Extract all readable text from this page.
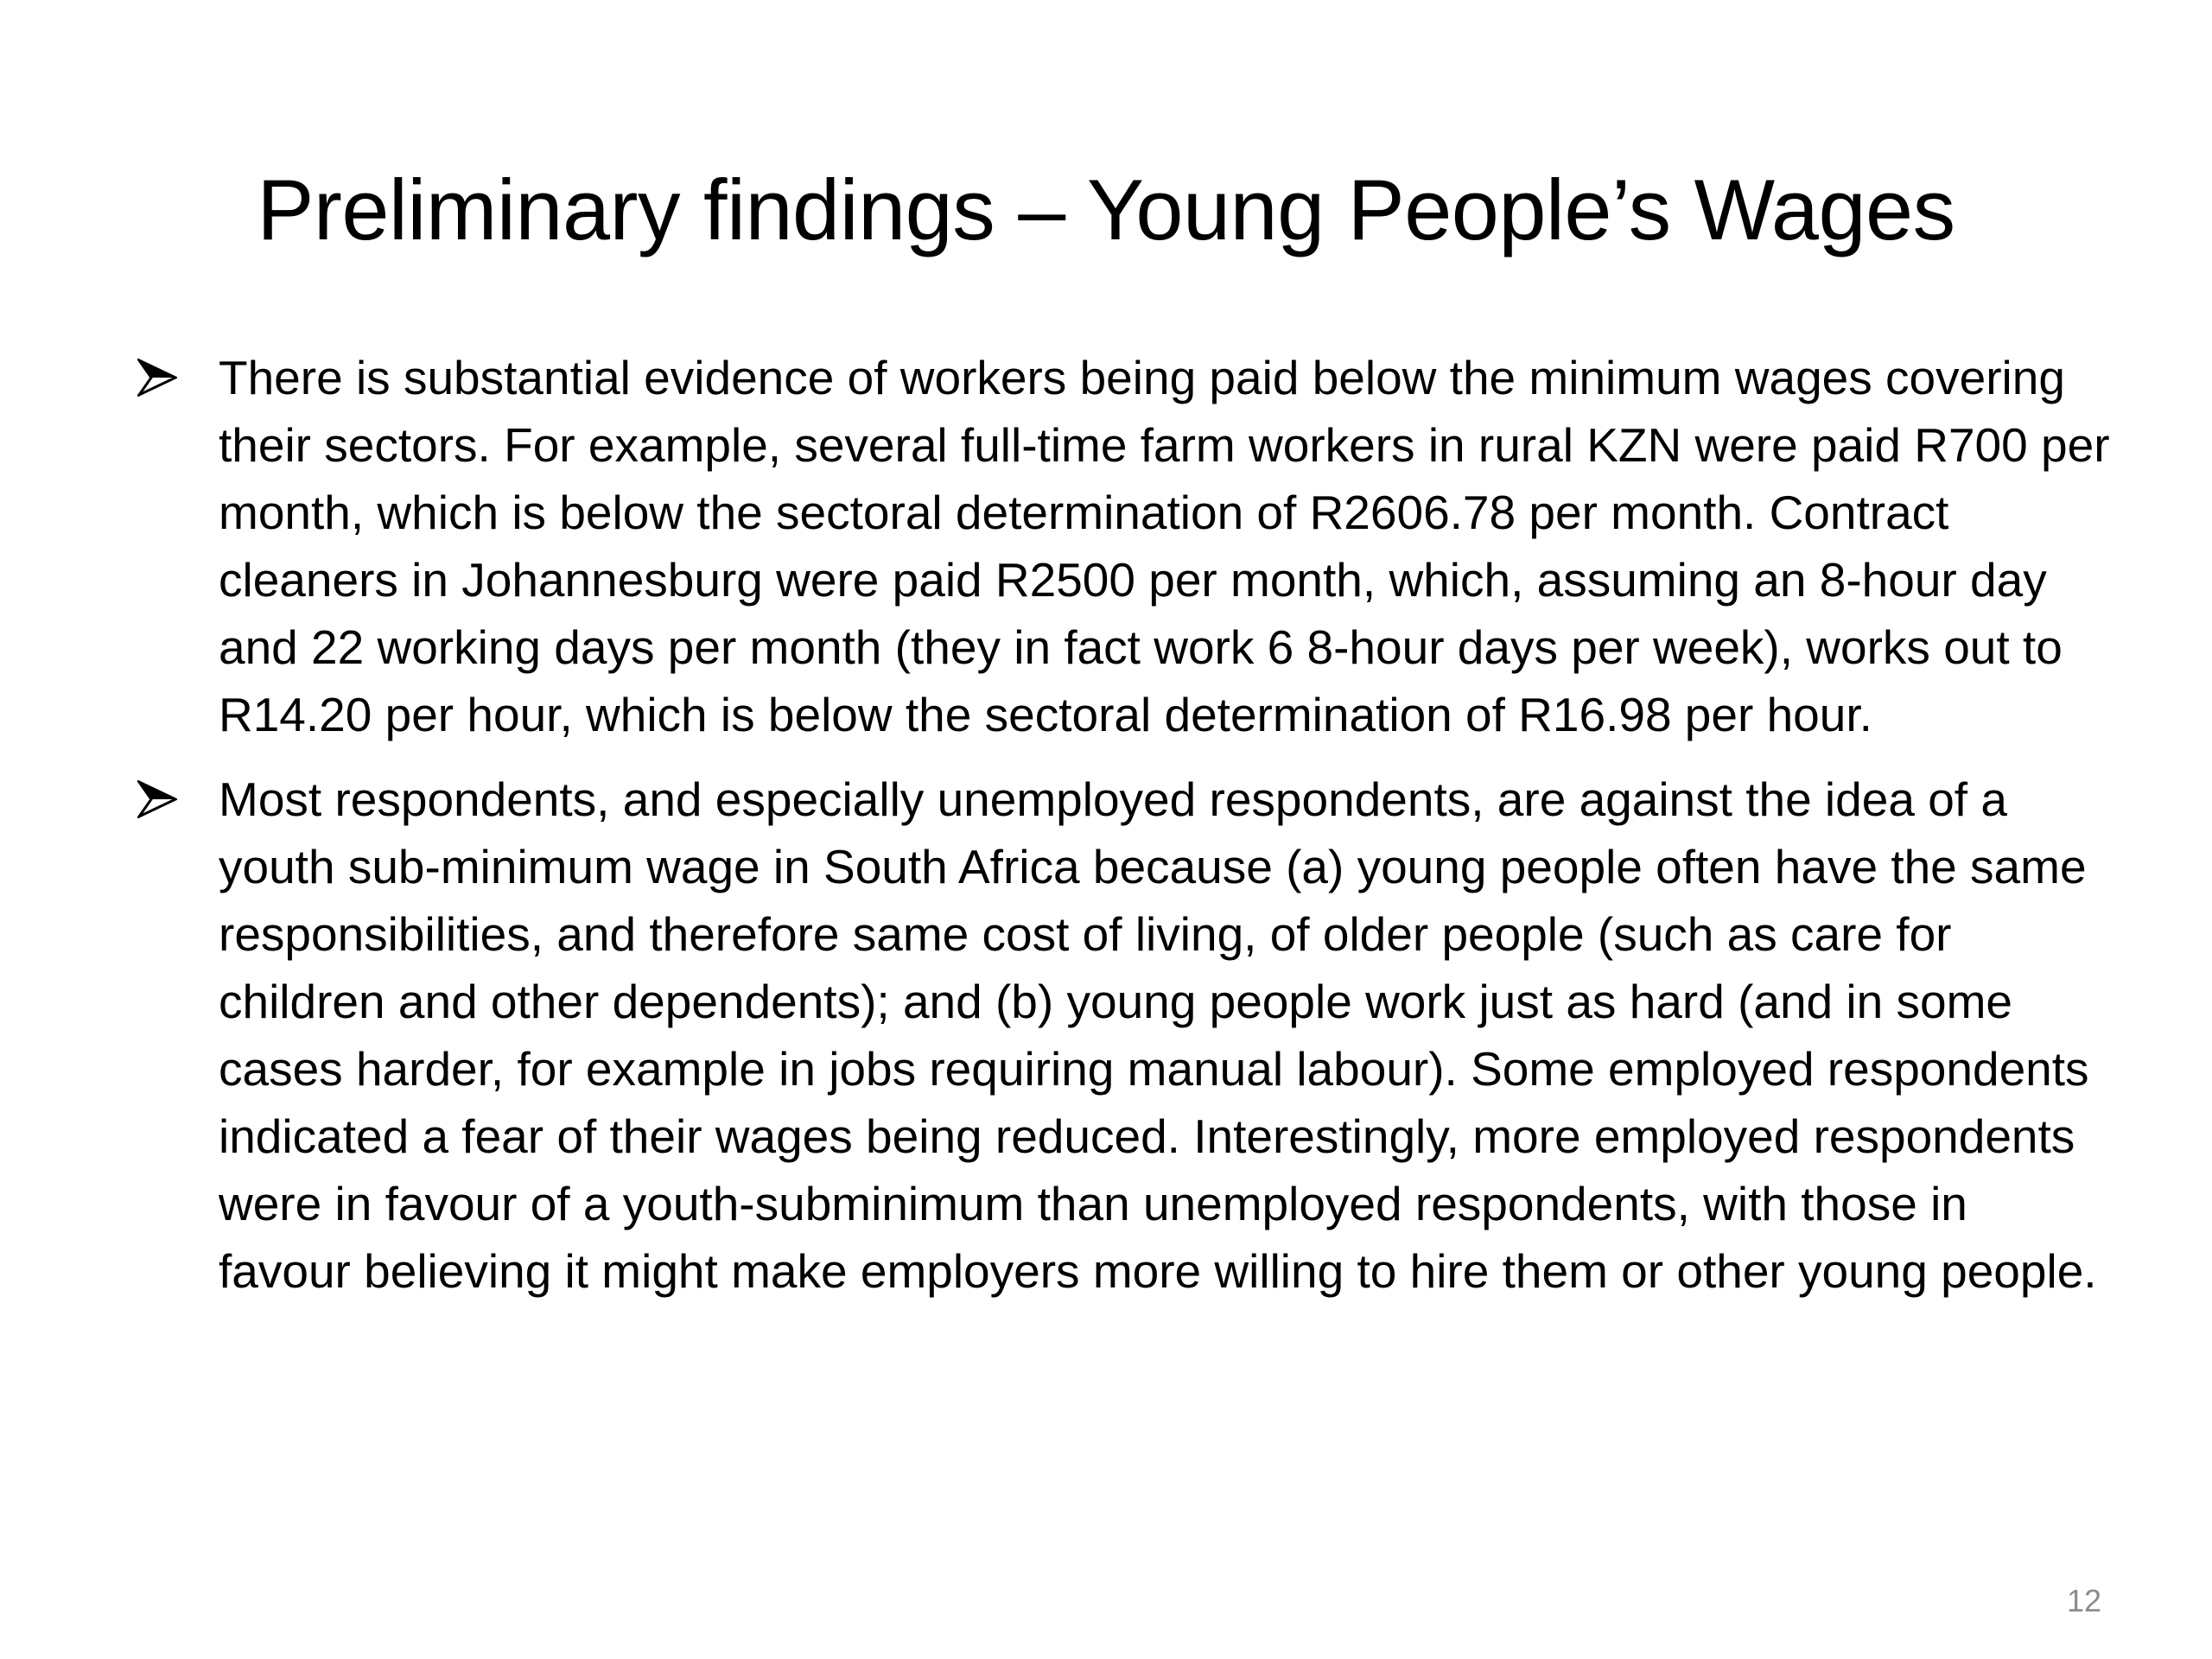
Preliminary findings – Young People’s Wages
There is substantial evidence of workers being paid below the minimum wages covering their sectors. For example, several full-time farm workers in rural KZN were paid R700 per month, which is below the sectoral determination of R2606.78 per month. Contract cleaners in Johannesburg were paid R2500 per month, which, assuming an 8-hour day and 22 working days per month (they in fact work 6 8-hour days per week), works out to R14.20 per hour, which is below the sectoral determination of R16.98 per hour.
Most respondents, and especially unemployed respondents, are against the idea of a youth sub-minimum wage in South Africa because (a) young people often have the same responsibilities, and therefore same cost of living, of older people (such as care for children and other dependents); and (b) young people work just as hard (and in some cases harder, for example in jobs requiring manual labour). Some employed respondents indicated a fear of their wages being reduced. Interestingly, more employed respondents were in favour of a youth-subminimum than unemployed respondents, with those in favour believing it might make employers more willing to hire them or other young people.
12
